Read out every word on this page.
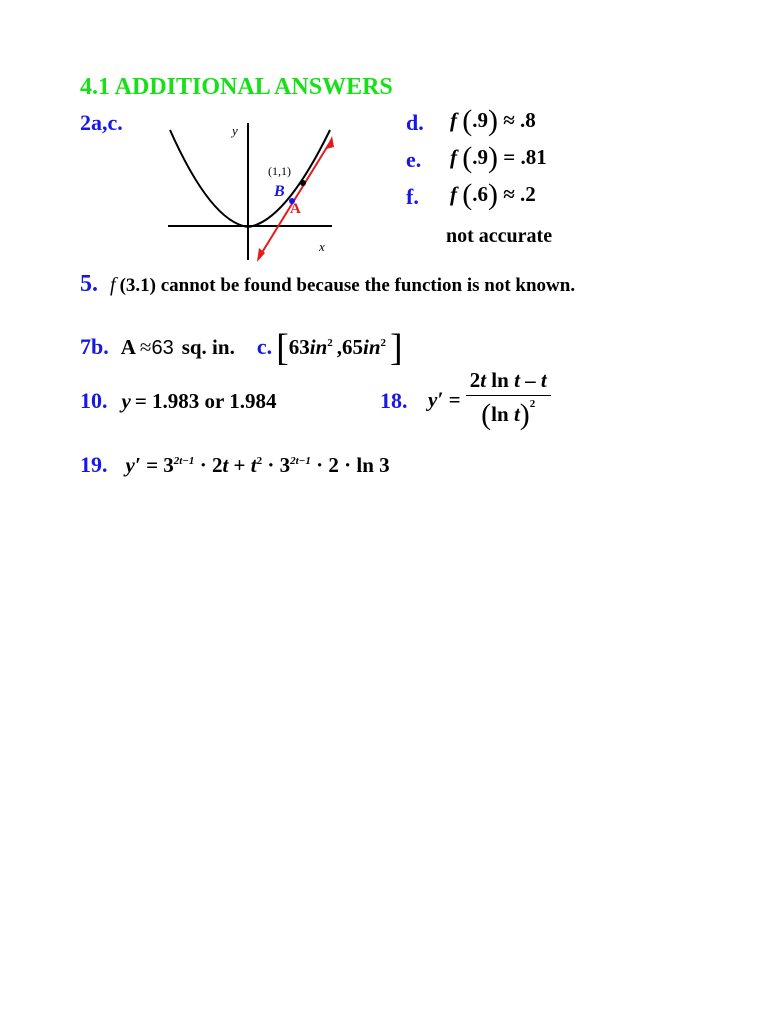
4.1 ADDITIONAL ANSWERS
2a,c.	y
x
(1,1)
B
A
d. f (.9) ≈ .8
e. f (.9) = .81
f. f (.6) ≈ .2
not accurate
5. f (3.1) cannot be found because the function is not known.
7b. A ≈63 sq. in. c. [$63in^2$ $,65in^2$ ]
10. y = 1.983 or 1.984	18. $y' = \frac{\text{2t ln t – t}}{(\ln t)^2}$
19. $y' = 3^{2t-1} \cdot 2t + t^2 \cdot 3^{2t-1} \cdot 2 \cdot \ln 3$
